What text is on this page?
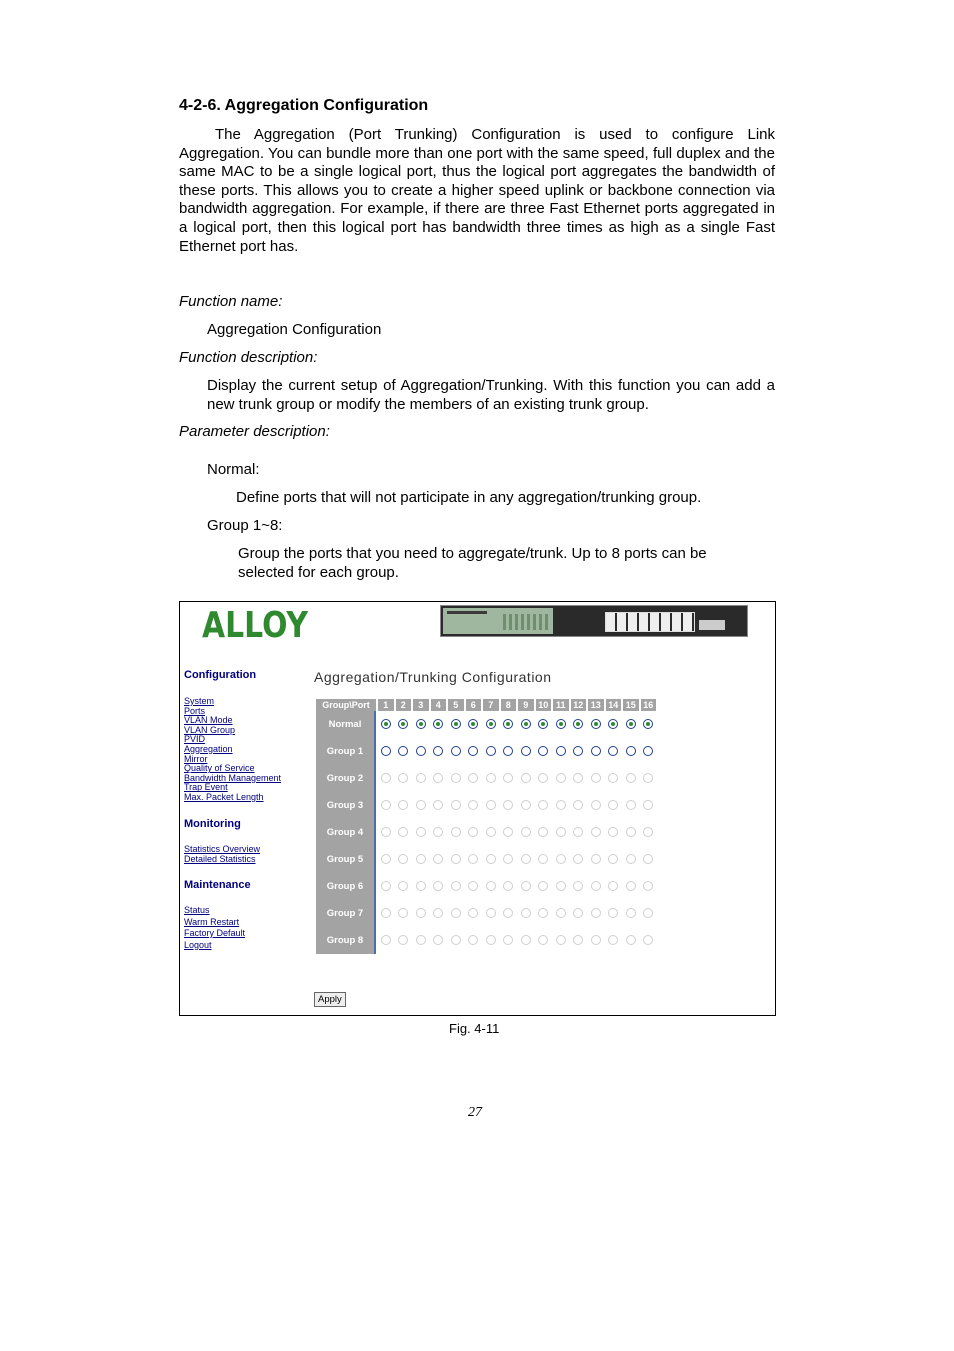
4-2-6. Aggregation Configuration

The Aggregation (Port Trunking) Configuration is used to configure Link Aggregation. You can bundle more than one port with the same speed, full duplex and the same MAC to be a single logical port, thus the logical port aggregates the bandwidth of these ports. This allows you to create a higher speed uplink or backbone connection via bandwidth aggregation. For example, if there are three Fast Ethernet ports aggregated in a logical port, then this logical port has bandwidth three times as high as a single Fast Ethernet port has.

Function name:
Aggregation Configuration
Function description:
Display the current setup of Aggregation/Trunking. With this function you can add a new trunk group or modify the members of an existing trunk group.
Parameter description:
Normal:
Define ports that will not participate in any aggregation/trunking group.
Group 1~8:
Group the ports that you need to aggregate/trunk. Up to 8 ports can be selected for each group.
ALLOY
Configuration
System
Ports
VLAN Mode
VLAN Group
PVID
Aggregation
Mirror
Quality of Service
Bandwidth Management
Trap Event
Max. Packet Length
Monitoring
Statistics Overview
Detailed Statistics
Maintenance
Status
Warm Restart
Factory Default
Logout
Aggregation/Trunking Configuration
Group\Port	1	2	3	4	5	6	7	8	9	10	11	12	13	14	15	16
Normal																
Group 1																
Group 2																
Group 3																
Group 4																
Group 5																
Group 6																
Group 7																
Group 8																
Apply
Fig. 4-11
27
